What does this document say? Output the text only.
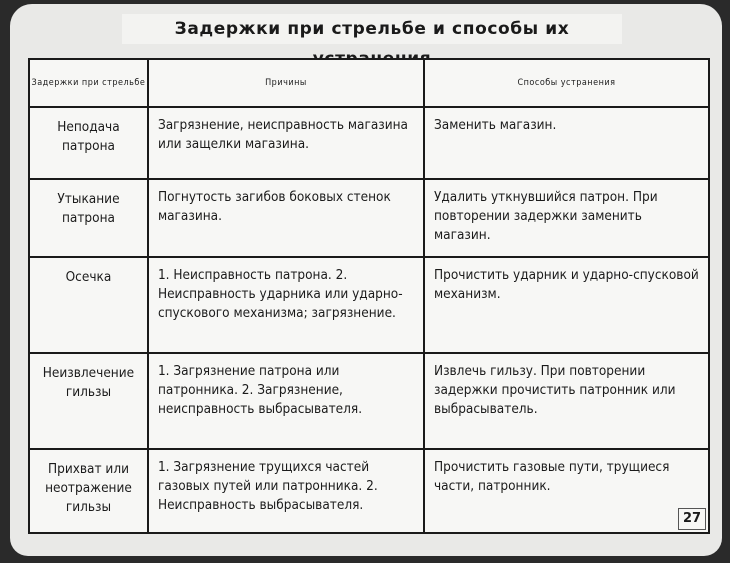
Задержки при стрельбе и способы их
Задержки при стрельбе	Причины	Способы устранения
Неподача патрона	Загрязнение, неисправность магазина или защелки магазина.	Заменить магазин.
Утыкание патрона	Погнутость загибов боковых стенок магазина.	Удалить уткнувшийся патрон. При повторении задержки заменить магазин.
Осечка	1. Неисправность патрона. 2. Неисправность ударника или ударно-спускового механизма; загрязнение.	Прочистить ударник и ударно-спусковой механизм.
Неизвлечение гильзы	1. Загрязнение патрона или патронника. 2. Загрязнение, неисправность выбрасывателя.	Извлечь гильзу. При повторении задержки прочистить патронник или выбрасыватель.
Прихват или неотражение гильзы	1. Загрязнение трущихся частей газовых путей или патронника. 2. Неисправность выбрасывателя.	Прочистить газовые пути, трущиеся части, патронник.
27
